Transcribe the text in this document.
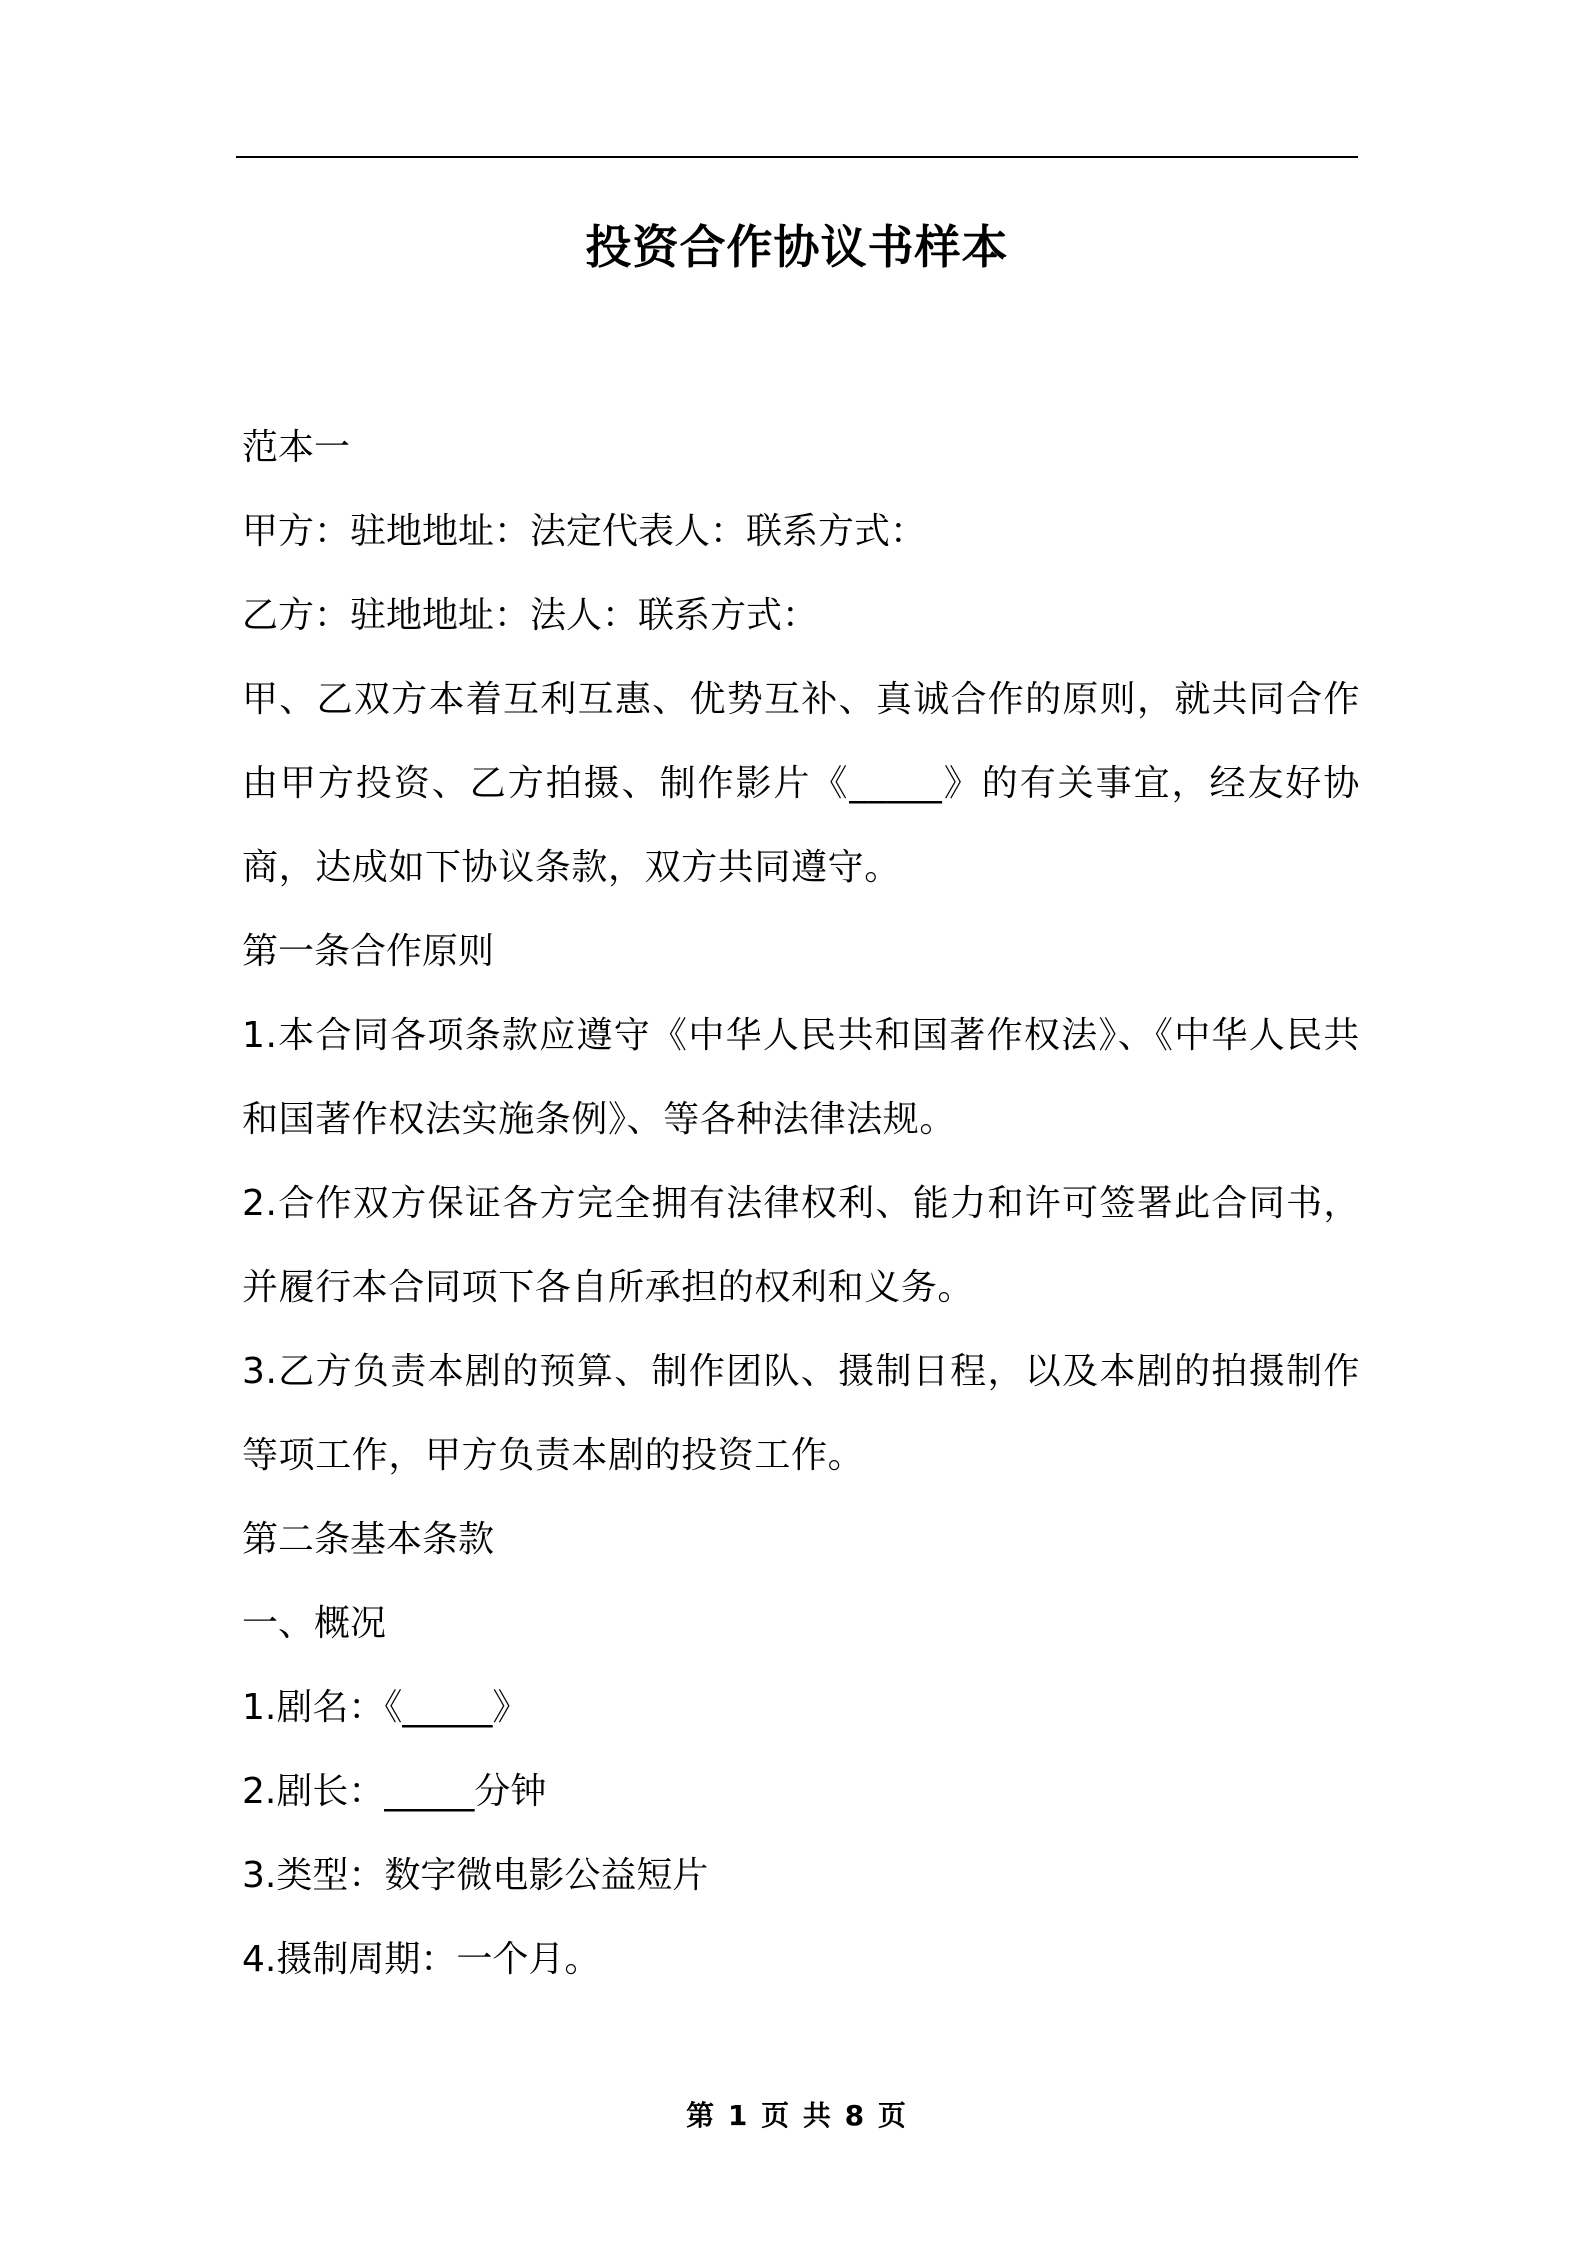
投资合作协议书样本

范本一

甲方：驻地地址：法定代表人：联系方式：

乙方：驻地地址：法人：联系方式：

甲、乙双方本着互利互惠、优势互补、真诚合作的原则，就共同合作由甲方投资、乙方拍摄、制作影片《_____》的有关事宜，经友好协商，达成如下协议条款，双方共同遵守。

第一条合作原则

1.本合同各项条款应遵守《中华人民共和国著作权法》、《中华人民共和国著作权法实施条例》、等各种法律法规。

2.合作双方保证各方完全拥有法律权利、能力和许可签署此合同书，并履行本合同项下各自所承担的权利和义务。

3.乙方负责本剧的预算、制作团队、摄制日程，以及本剧的拍摄制作等项工作，甲方负责本剧的投资工作。

第二条基本条款

一、概况

1.剧名：《_____》

2.剧长：_____分钟

3.类型：数字微电影公益短片

4.摄制周期：一个月。

第 1 页 共 8 页
